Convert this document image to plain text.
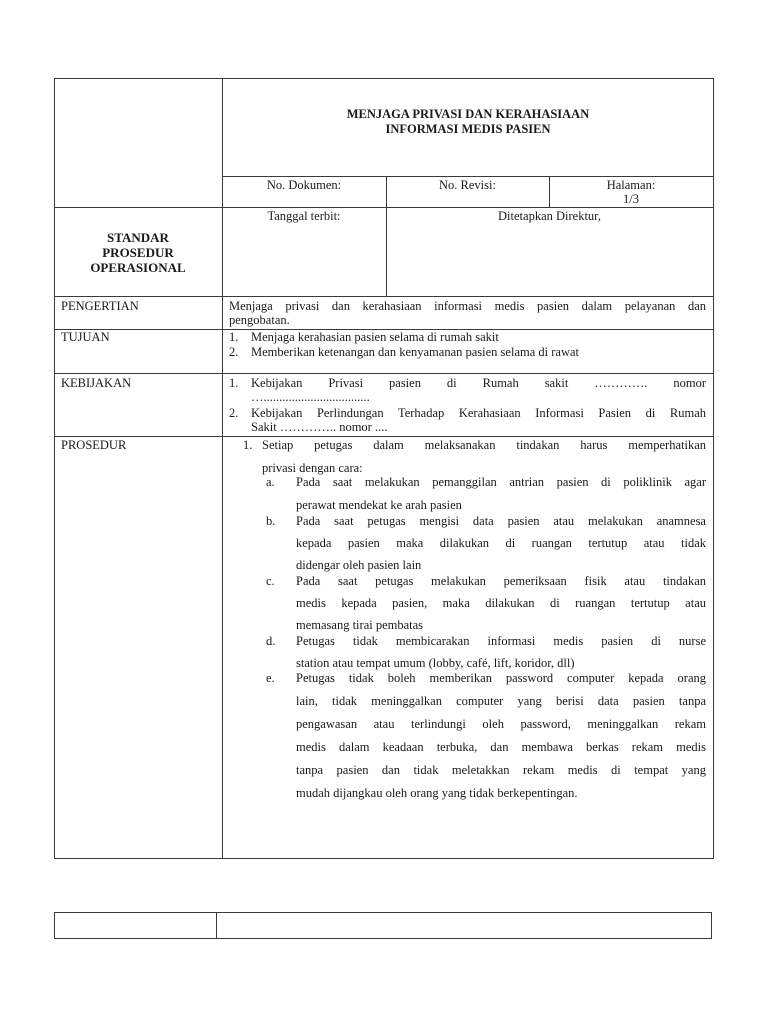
MENJAGA PRIVASI DAN KERAHASIAAN
INFORMASI MEDIS PASIEN
No. Dokumen:	No. Revisi:	Halaman:
1/3
Tanggal terbit:	Ditetapkan Direktur,
STANDAR
PROSEDUR
OPERASIONAL
PENGERTIAN	Menjaga privasi dan kerahasiaan informasi medis pasien dalam pelayanan dan
pengobatan.
TUJUAN	1. Menjaga kerahasian pasien selama di rumah sakit
2. Memberikan ketenangan dan kenyamanan pasien selama di rawat
KEBIJAKAN	1. Kebijakan Privasi pasien di Rumah sakit …………. nomor
…..................................
2. Kebijakan Perlindungan Terhadap Kerahasiaan Informasi Pasien di Rumah
Sakit ………….. nomor ....
PROSEDUR	1. Setiap petugas dalam melaksanakan tindakan harus memperhatikan
privasi dengan cara:
a. Pada saat melakukan pemanggilan antrian pasien di poliklinik agar
perawat mendekat ke arah pasien
b. Pada saat petugas mengisi data pasien atau melakukan anamnesa
kepada pasien maka dilakukan di ruangan tertutup atau tidak
didengar oleh pasien lain
c. Pada saat petugas melakukan pemeriksaan fisik atau tindakan
medis kepada pasien, maka dilakukan di ruangan tertutup atau
memasang tirai pembatas
d. Petugas tidak membicarakan informasi medis pasien di nurse
station atau tempat umum (lobby, café, lift, koridor, dll)
e. Petugas tidak boleh memberikan password computer kepada orang
lain, tidak meninggalkan computer yang berisi data pasien tanpa
pengawasan atau terlindungi oleh password, meninggalkan rekam
medis dalam keadaan terbuka, dan membawa berkas rekam medis
tanpa pasien dan tidak meletakkan rekam medis di tempat yang
mudah dijangkau oleh orang yang tidak berkepentingan.
